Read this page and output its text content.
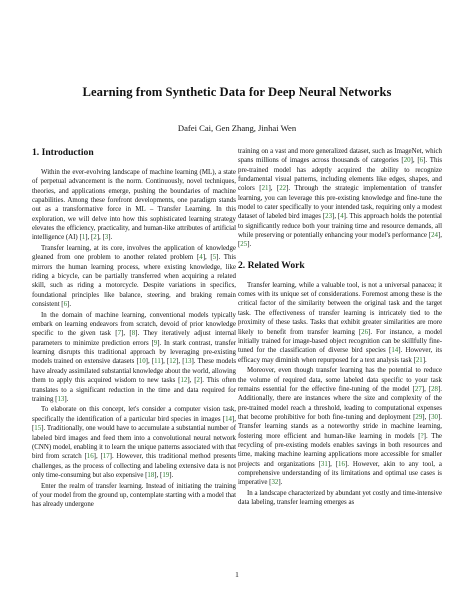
Learning from Synthetic Data for Deep Neural Networks
Dafei Cai, Gen Zhang, Jinhai Wen
1. Introduction

Within the ever-evolving landscape of machine learning (ML), a state of perpetual advancement is the norm. Continuously, novel techniques, theories, and applications emerge, pushing the boundaries of machine capabilities. Among these forefront developments, one paradigm stands out as a transformative force in ML – Transfer Learning. In this exploration, we will delve into how this sophisticated learning strategy elevates the efficiency, practicality, and human-like attributes of artificial intelligence (AI) [1], [2], [3].

Transfer learning, at its core, involves the application of knowledge gleaned from one problem to another related problem [4], [5]. This mirrors the human learning process, where existing knowledge, like riding a bicycle, can be partially transferred when acquiring a related skill, such as riding a motorcycle. Despite variations in specifics, foundational principles like balance, steering, and braking remain consistent [6].

In the domain of machine learning, conventional models typically embark on learning endeavors from scratch, devoid of prior knowledge specific to the given task [7], [8]. They iteratively adjust internal parameters to minimize prediction errors [9]. In stark contrast, transfer learning disrupts this traditional approach by leveraging pre-existing models trained on extensive datasets [10], [11], [12], [13]. These models have already assimilated substantial knowledge about the world, allowing them to apply this acquired wisdom to new tasks [12], [2]. This often translates to a significant reduction in the time and data required for training [13].

To elaborate on this concept, let's consider a computer vision task, specifically the identification of a particular bird species in images [14], [15]. Traditionally, one would have to accumulate a substantial number of labeled bird images and feed them into a convolutional neural network (CNN) model, enabling it to learn the unique patterns associated with that bird from scratch [16], [17]. However, this traditional method presents challenges, as the process of collecting and labeling extensive data is not only time-consuming but also expensive [18], [19].

Enter the realm of transfer learning. Instead of initiating the training of your model from the ground up, contemplate starting with a model that has already undergone

training on a vast and more generalized dataset, such as ImageNet, which spans millions of images across thousands of categories [20], [6]. This pre-trained model has adeptly acquired the ability to recognize fundamental visual patterns, including elements like edges, shapes, and colors [21], [22]. Through the strategic implementation of transfer learning, you can leverage this pre-existing knowledge and fine-tune the model to cater specifically to your intended task, requiring only a modest dataset of labeled bird images [23], [4]. This approach holds the potential to significantly reduce both your training time and resource demands, all while preserving or potentially enhancing your model's performance [24], [25].

2. Related Work

Transfer learning, while a valuable tool, is not a universal panacea; it comes with its unique set of considerations. Foremost among these is the critical factor of the similarity between the original task and the target task. The effectiveness of transfer learning is intricately tied to the proximity of these tasks. Tasks that exhibit greater similarities are more likely to benefit from transfer learning [26]. For instance, a model initially trained for image-based object recognition can be skillfully fine-tuned for the classification of diverse bird species [14]. However, its efficacy may diminish when repurposed for a text analysis task [21].

Moreover, even though transfer learning has the potential to reduce the volume of required data, some labeled data specific to your task remains essential for the effective fine-tuning of the model [27], [28]. Additionally, there are instances where the size and complexity of the pre-trained model reach a threshold, leading to computational expenses that become prohibitive for both fine-tuning and deployment [29], [30]. Transfer learning stands as a noteworthy stride in machine learning, fostering more efficient and human-like learning in models [?]. The recycling of pre-existing models enables savings in both resources and time, making machine learning applications more accessible for smaller projects and organizations [31], [16]. However, akin to any tool, a comprehensive understanding of its limitations and optimal use cases is imperative [32].

In a landscape characterized by abundant yet costly and time-intensive data labeling, transfer learning emerges as

1
